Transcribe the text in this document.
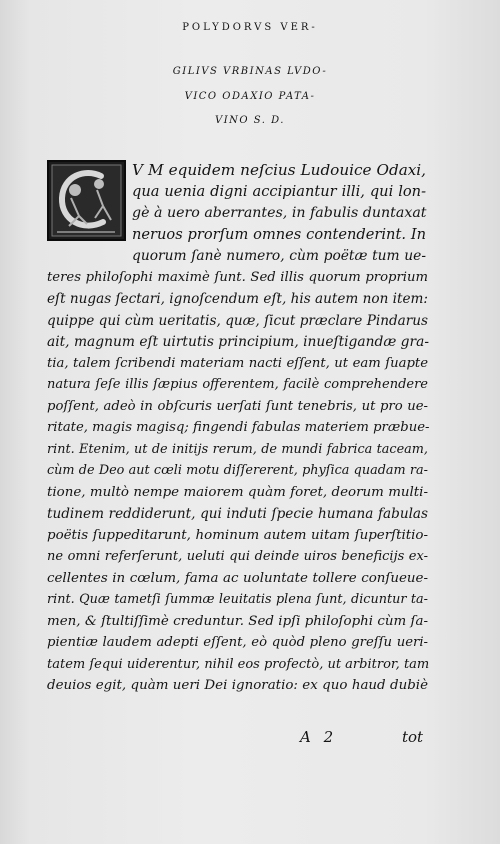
POLYDORVS VER-
GILIVS VRBINAS LVDO-
VICO ODAXIO PATA-
VINO S. D.
V M equidem neſcius Ludouice Odaxi,
qua uenia digni accipiantur illi, qui lon-
gè à uero aberrantes, in fabulis duntaxat
neruos prorſum omnes contenderint. In
quorum ſanè numero, cùm poëtæ tum ue-
teres philoſophi maximè ſunt. Sed illis quorum proprium
eſt nugas ſectari, ignoſcendum eſt, his autem non item:
quippe qui cùm ueritatis, quæ, ſicut præclare Pindarus
ait, magnum eſt uirtutis principium, inueſtigandæ gra-
tia, talem ſcribendi materiam nacti eſſent, ut eam ſuapte
natura ſeſe illis ſæpius offerentem, facilè comprehendere
poſſent, adeò in obſcuris uerſati ſunt tenebris, ut pro ue-
ritate, magis magisq; fingendi fabulas materiem præbue-
rint. Etenim, ut de initijs rerum, de mundi fabrica taceam,
cùm de Deo aut cœli motu diſſererent, phyſica quadam ra-
tione, multò nempe maiorem quàm foret, deorum multi-
tudinem reddiderunt, qui induti ſpecie humana fabulas
poëtis ſuppeditarunt, hominum autem uitam ſuperſtitio-
ne omni referſerunt, ueluti qui deinde uiros beneficijs ex-
cellentes in cœlum, fama ac uoluntate tollere conſueue-
rint. Quæ tametſi ſummæ leuitatis plena ſunt, dicuntur ta-
men, & ſtultiſſimè creduntur. Sed ipſi philoſophi cùm ſa-
pientiæ laudem adepti eſſent, eò quòd pleno greſſu ueri-
tatem ſequi uiderentur, nihil eos profectò, ut arbitror, tam
deuios egit, quàm ueri Dei ignoratio: ex quo haud dubiè
A 2	tot
